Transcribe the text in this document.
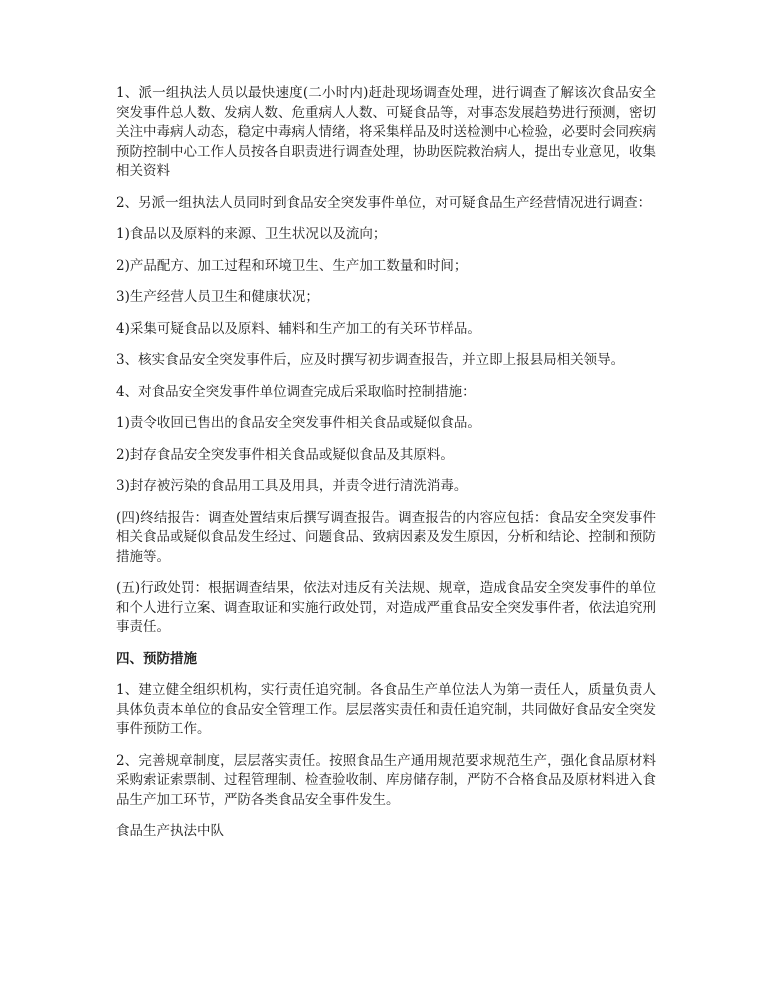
1、派一组执法人员以最快速度(二小时内)赶赴现场调查处理，进行调查了解该次食品安全突发事件总人数、发病人数、危重病人人数、可疑食品等，对事态发展趋势进行预测，密切关注中毒病人动态，稳定中毒病人情绪，将采集样品及时送检测中心检验，必要时会同疾病预防控制中心工作人员按各自职责进行调查处理，协助医院救治病人，提出专业意见，收集相关资料

2、另派一组执法人员同时到食品安全突发事件单位，对可疑食品生产经营情况进行调查：

1)食品以及原料的来源、卫生状况以及流向；

2)产品配方、加工过程和环境卫生、生产加工数量和时间；

3)生产经营人员卫生和健康状况；

4)采集可疑食品以及原料、辅料和生产加工的有关环节样品。

3、核实食品安全突发事件后，应及时撰写初步调查报告，并立即上报县局相关领导。

4、对食品安全突发事件单位调查完成后采取临时控制措施：

1)责令收回已售出的食品安全突发事件相关食品或疑似食品。

2)封存食品安全突发事件相关食品或疑似食品及其原料。

3)封存被污染的食品用工具及用具，并责令进行清洗消毒。

(四)终结报告：调查处置结束后撰写调查报告。调查报告的内容应包括：食品安全突发事件相关食品或疑似食品发生经过、问题食品、致病因素及发生原因，分析和结论、控制和预防措施等。

(五)行政处罚：根据调查结果，依法对违反有关法规、规章，造成食品安全突发事件的单位和个人进行立案、调查取证和实施行政处罚，对造成严重食品安全突发事件者，依法追究刑事责任。

四、预防措施

1、建立健全组织机构，实行责任追究制。各食品生产单位法人为第一责任人，质量负责人具体负责本单位的食品安全管理工作。层层落实责任和责任追究制，共同做好食品安全突发事件预防工作。

2、完善规章制度，层层落实责任。按照食品生产通用规范要求规范生产，强化食品原材料采购索证索票制、过程管理制、检查验收制、库房储存制，严防不合格食品及原材料进入食品生产加工环节，严防各类食品安全事件发生。

食品生产执法中队
